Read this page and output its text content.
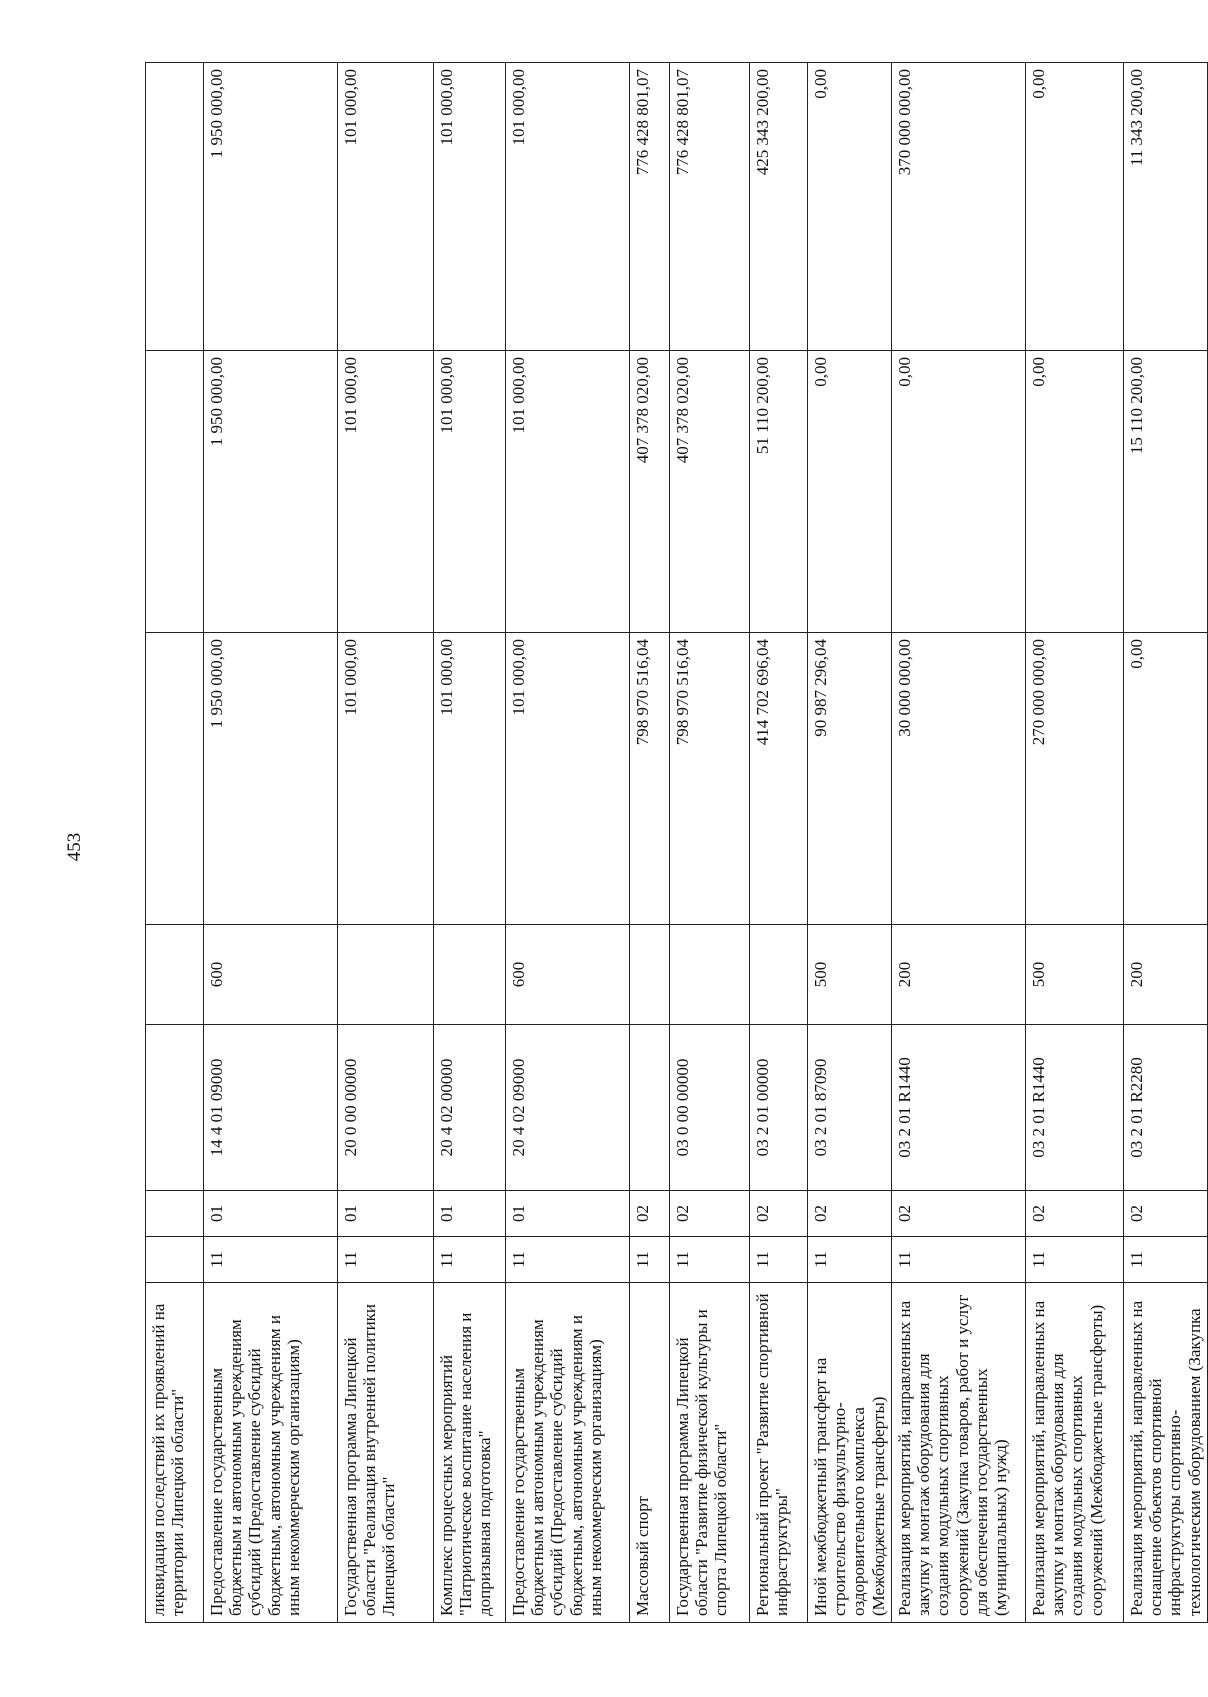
453
ликвидация последствий их проявлений на территории Липецкой области"							
Предоставление государственным бюджетным и автономным учреждениям субсидий (Предоставление субсидий бюджетным, автономным учреждениям и иным некоммерческим организациям)	11	01	14 4 01 09000	600	1 950 000,00	1 950 000,00	1 950 000,00
Государственная программа Липецкой области "Реализация внутренней политики Липецкой области"	11	01	20 0 00 00000		101 000,00	101 000,00	101 000,00
Комплекс процессных мероприятий "Патриотическое воспитание населения и допризывная подготовка"	11	01	20 4 02 00000		101 000,00	101 000,00	101 000,00
Предоставление государственным бюджетным и автономным учреждениям субсидий (Предоставление субсидий бюджетным, автономным учреждениям и иным некоммерческим организациям)	11	01	20 4 02 09000	600	101 000,00	101 000,00	101 000,00
Массовый спорт	11	02			798 970 516,04	407 378 020,00	776 428 801,07
Государственная программа Липецкой области "Развитие физической культуры и спорта Липецкой области"	11	02	03 0 00 00000		798 970 516,04	407 378 020,00	776 428 801,07
Региональный проект "Развитие спортивной инфраструктуры"	11	02	03 2 01 00000		414 702 696,04	51 110 200,00	425 343 200,00
Иной межбюджетный трансферт на строительство физкультурно-оздоровительного комплекса (Межбюджетные трансферты)	11	02	03 2 01 87090	500	90 987 296,04	0,00	0,00
Реализация мероприятий, направленных на закупку и монтаж оборудования для создания модульных спортивных сооружений (Закупка товаров, работ и услуг для обеспечения государственных (муниципальных) нужд)	11	02	03 2 01 R1440	200	30 000 000,00	0,00	370 000 000,00
Реализация мероприятий, направленных на закупку и монтаж оборудования для создания модульных спортивных сооружений (Межбюджетные трансферты)	11	02	03 2 01 R1440	500	270 000 000,00	0,00	0,00
Реализация мероприятий, направленных на оснащение объектов спортивной инфраструктуры спортивно-технологическим оборудованием (Закупка	11	02	03 2 01 R2280	200	0,00	15 110 200,00	11 343 200,00
